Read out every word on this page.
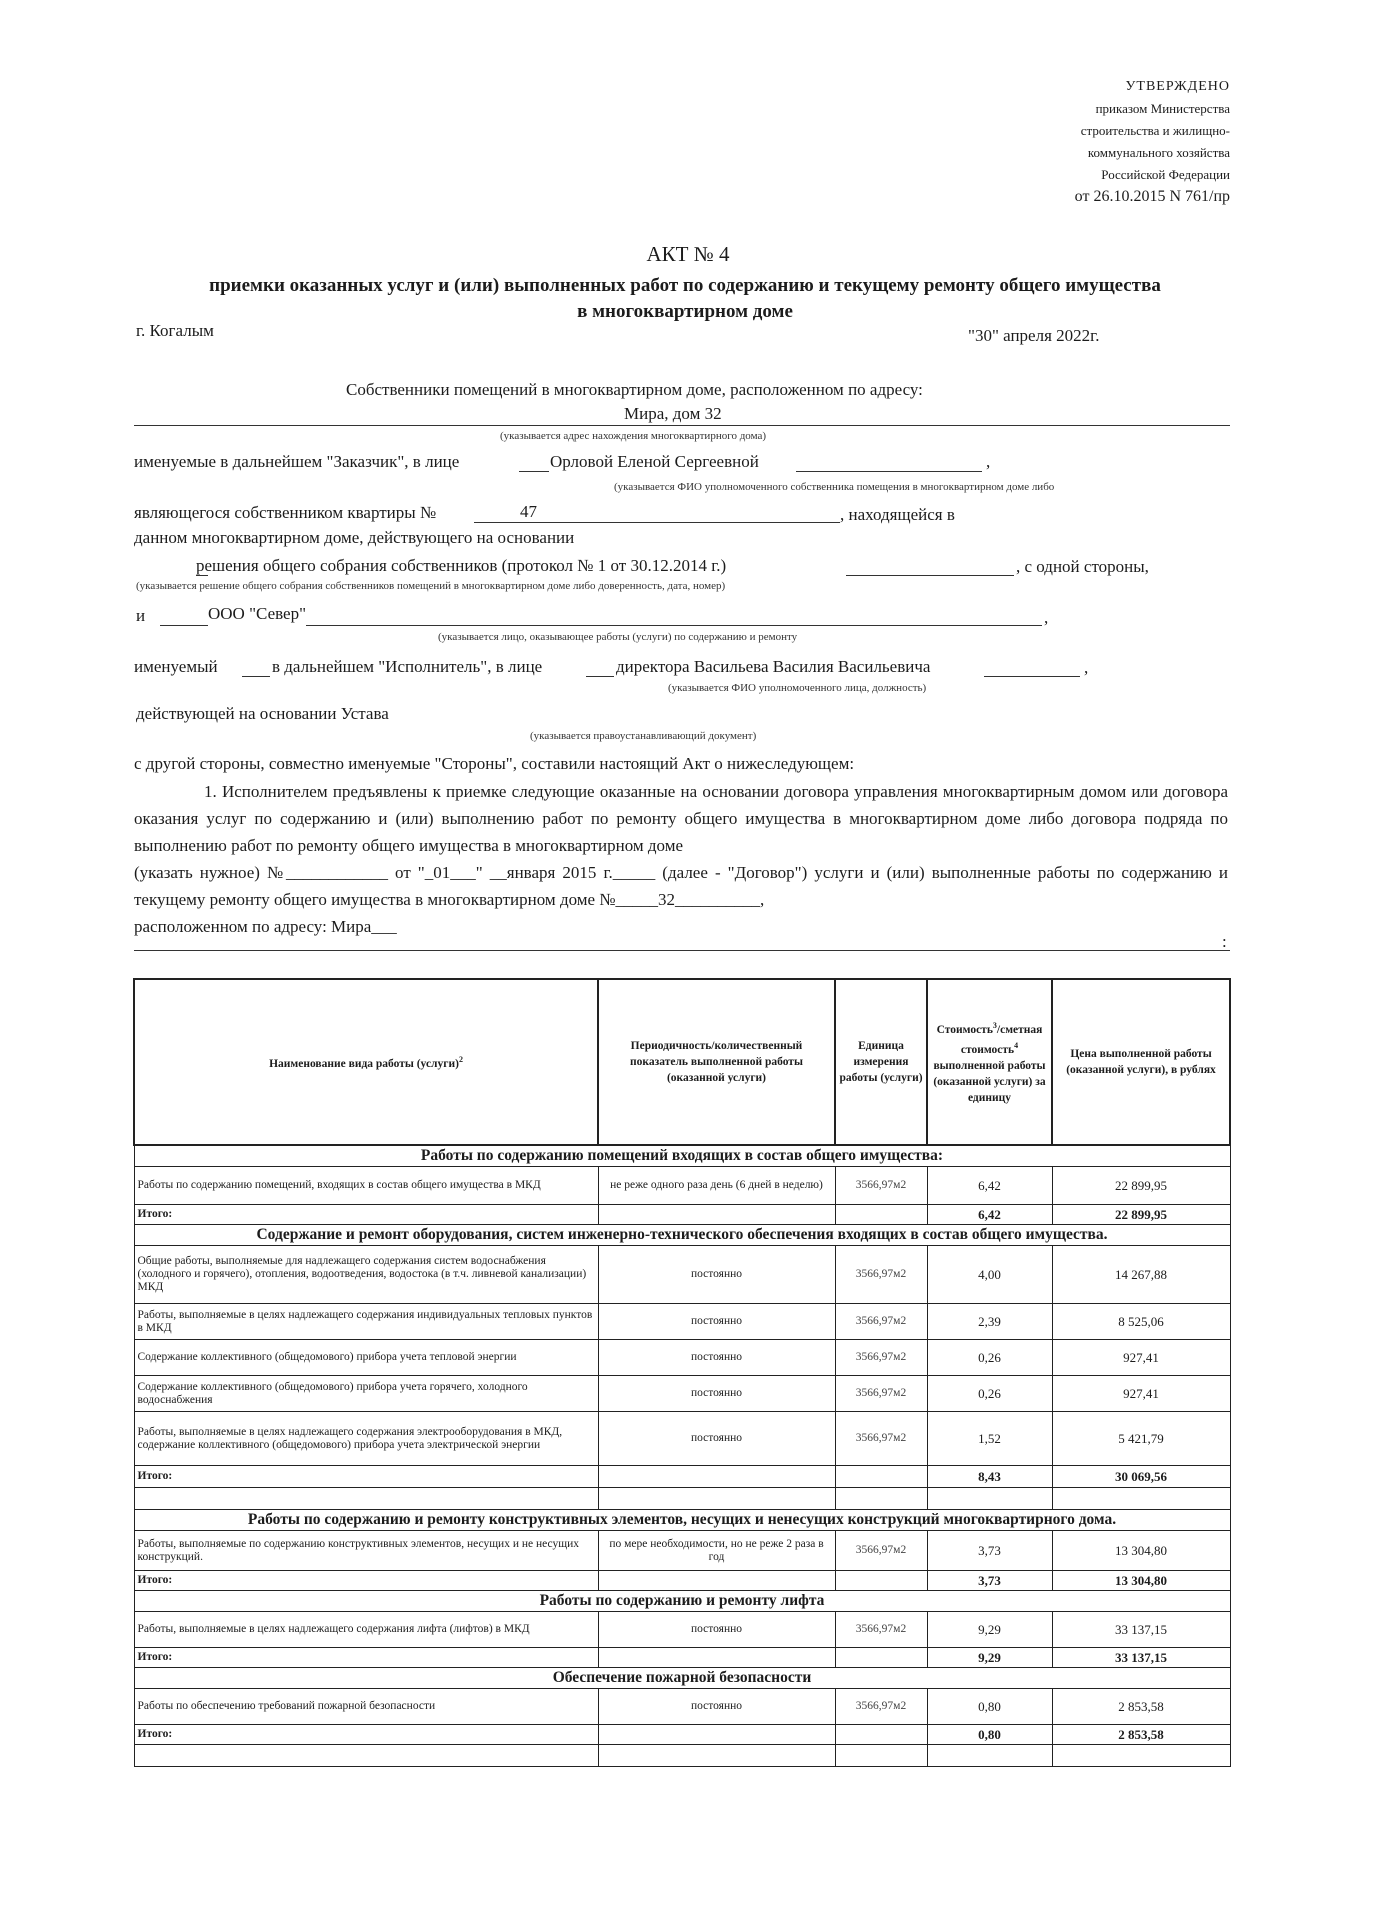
УТВЕРЖДЕНО
приказом Министерства
строительства и жилищно-
коммунального хозяйства
Российской Федерации
от 26.10.2015 N 761/пр
АКТ № 4
приемки оказанных услуг и (или) выполненных работ по содержанию и текущему ремонту общего имущества
в многоквартирном доме
г. Когалым	"30" апреля 2022г.
Собственники помещений в многоквартирном доме, расположенном по адресу:
Мира, дом 32
(указывается адрес нахождения многоквартирного дома)
именуемые в дальнейшем "Заказчик", в лице	Орловой Еленой Сергеевной	,
(указывается ФИО уполномоченного собственника помещения в многоквартирном доме либо
являющегося собственником квартиры №	47	, находящейся в
данном многоквартирном доме, действующего на основании
решения общего собрания собственников (протокол № 1 от 30.12.2014 г.)	, с одной стороны,
(указывается решение общего собрания собственников помещений в многоквартирном доме либо доверенность, дата, номер)
и	ООО "Север"	,
(указывается лицо, оказывающее работы (услуги) по содержанию и ремонту
именуемый	в дальнейшем "Исполнитель", в лице	директора Васильева Василия Васильевича	,
(указывается ФИО уполномоченного лица, должность)
действующей на основании Устава
(указывается правоустанавливающий документ)
с другой стороны, совместно именуемые "Стороны", составили настоящий Акт о нижеследующем:

1. Исполнителем предъявлены к приемке следующие оказанные на основании договора управления многоквартирным домом или договора оказания услуг по содержанию и (или) выполнению работ по ремонту общего имущества в многоквартирном доме либо договора подряда по выполнению работ по ремонту общего имущества в многоквартирном доме

(указать нужное) №____________ от "_01___" __января 2015 г._____ (далее - "Договор") услуги и (или) выполненные работы по содержанию и текущему ремонту общего имущества в многоквартирном доме №_____32__________,

расположенном по адресу: Мира___

:
Наименование вида работы (услуги)$^2$	Периодичность/количественный показатель выполненной работы (оказанной услуги)	Единица измерения работы (услуги)	Стоимость$^3$/сметная стоимость$^4$ выполненной работы (оказанной услуги) за единицу	Цена выполненной работы (оказанной услуги), в рублях
Работы по содержанию помещений входящих в состав общего имущества:				
Работы по содержанию помещений, входящих в состав общего имущества в МКД	не реже одного раза день (6 дней в неделю)	3566,97м2	6,42	22 899,95
Итого:			6,42	22 899,95
Содержание и ремонт оборудования, систем инженерно-технического обеспечения входящих в состав общего имущества.				
Общие работы, выполняемые для надлежащего содержания систем водоснабжения (холодного и горячего), отопления, водоотведения, водостока (в т.ч. ливневой канализации) МКД	постоянно	3566,97м2	4,00	14 267,88
Работы, выполняемые в целях надлежащего содержания индивидуальных тепловых пунктов в МКД	постоянно	3566,97м2	2,39	8 525,06
Содержание коллективного (общедомового) прибора учета тепловой энергии	постоянно	3566,97м2	0,26	927,41
Содержание коллективного (общедомового) прибора учета горячего, холодного водоснабжения	постоянно	3566,97м2	0,26	927,41
Работы, выполняемые в целях надлежащего содержания электрооборудования в МКД, содержание коллективного (общедомового) прибора учета электрической энергии	постоянно	3566,97м2	1,52	5 421,79
Итого:			8,43	30 069,56

Работы по содержанию и ремонту конструктивных элементов, несущих и ненесущих конструкций многоквартирного дома.				
Работы, выполняемые по содержанию конструктивных элементов, несущих и не несущих конструкций.	по мере необходимости, но не реже 2 раза в год	3566,97м2	3,73	13 304,80
Итого:			3,73	13 304,80
Работы по содержанию и ремонту лифта				
Работы, выполняемые в целях надлежащего содержания лифта (лифтов) в МКД	постоянно	3566,97м2	9,29	33 137,15
Итого:			9,29	33 137,15
Обеспечение пожарной безопасности				
Работы по обеспечению требований пожарной безопасности	постоянно	3566,97м2	0,80	2 853,58
Итого:			0,80	2 853,58
